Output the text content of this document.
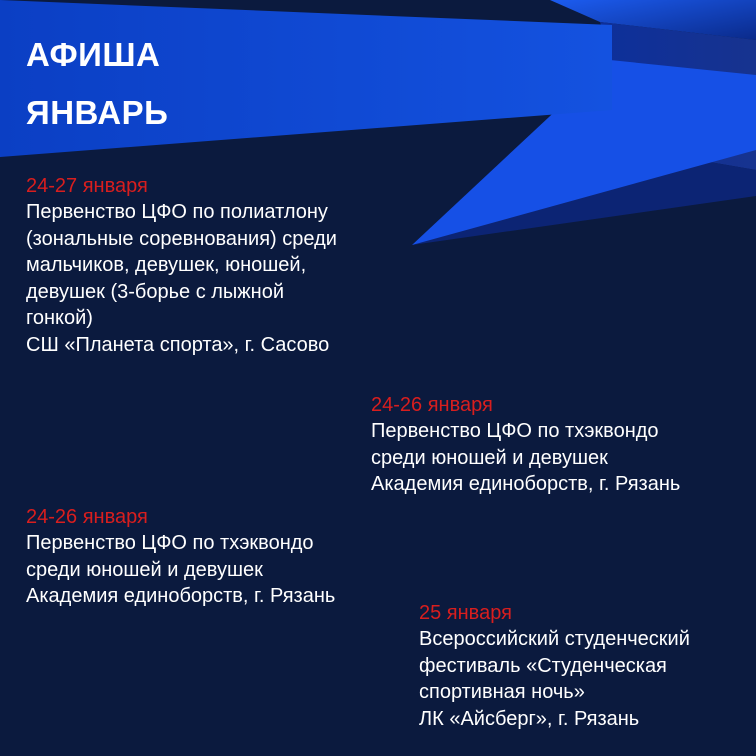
АФИША
ЯНВАРЬ

24-27 января

Первенство ЦФО по полиатлону

(зональные соревнования) среди

мальчиков, девушек, юношей,

девушек (3-борье с лыжной

гонкой)

СШ «Планета спорта», г. Сасово

24-26 января

Первенство ЦФО по тхэквондо

среди юношей и девушек

Академия единоборств, г. Рязань

24-26 января

Первенство ЦФО по тхэквондо

среди юношей и девушек

Академия единоборств, г. Рязань

25 января

Всероссийский студенческий

фестиваль «Студенческая

спортивная ночь»

ЛК «Айсберг», г. Рязань
